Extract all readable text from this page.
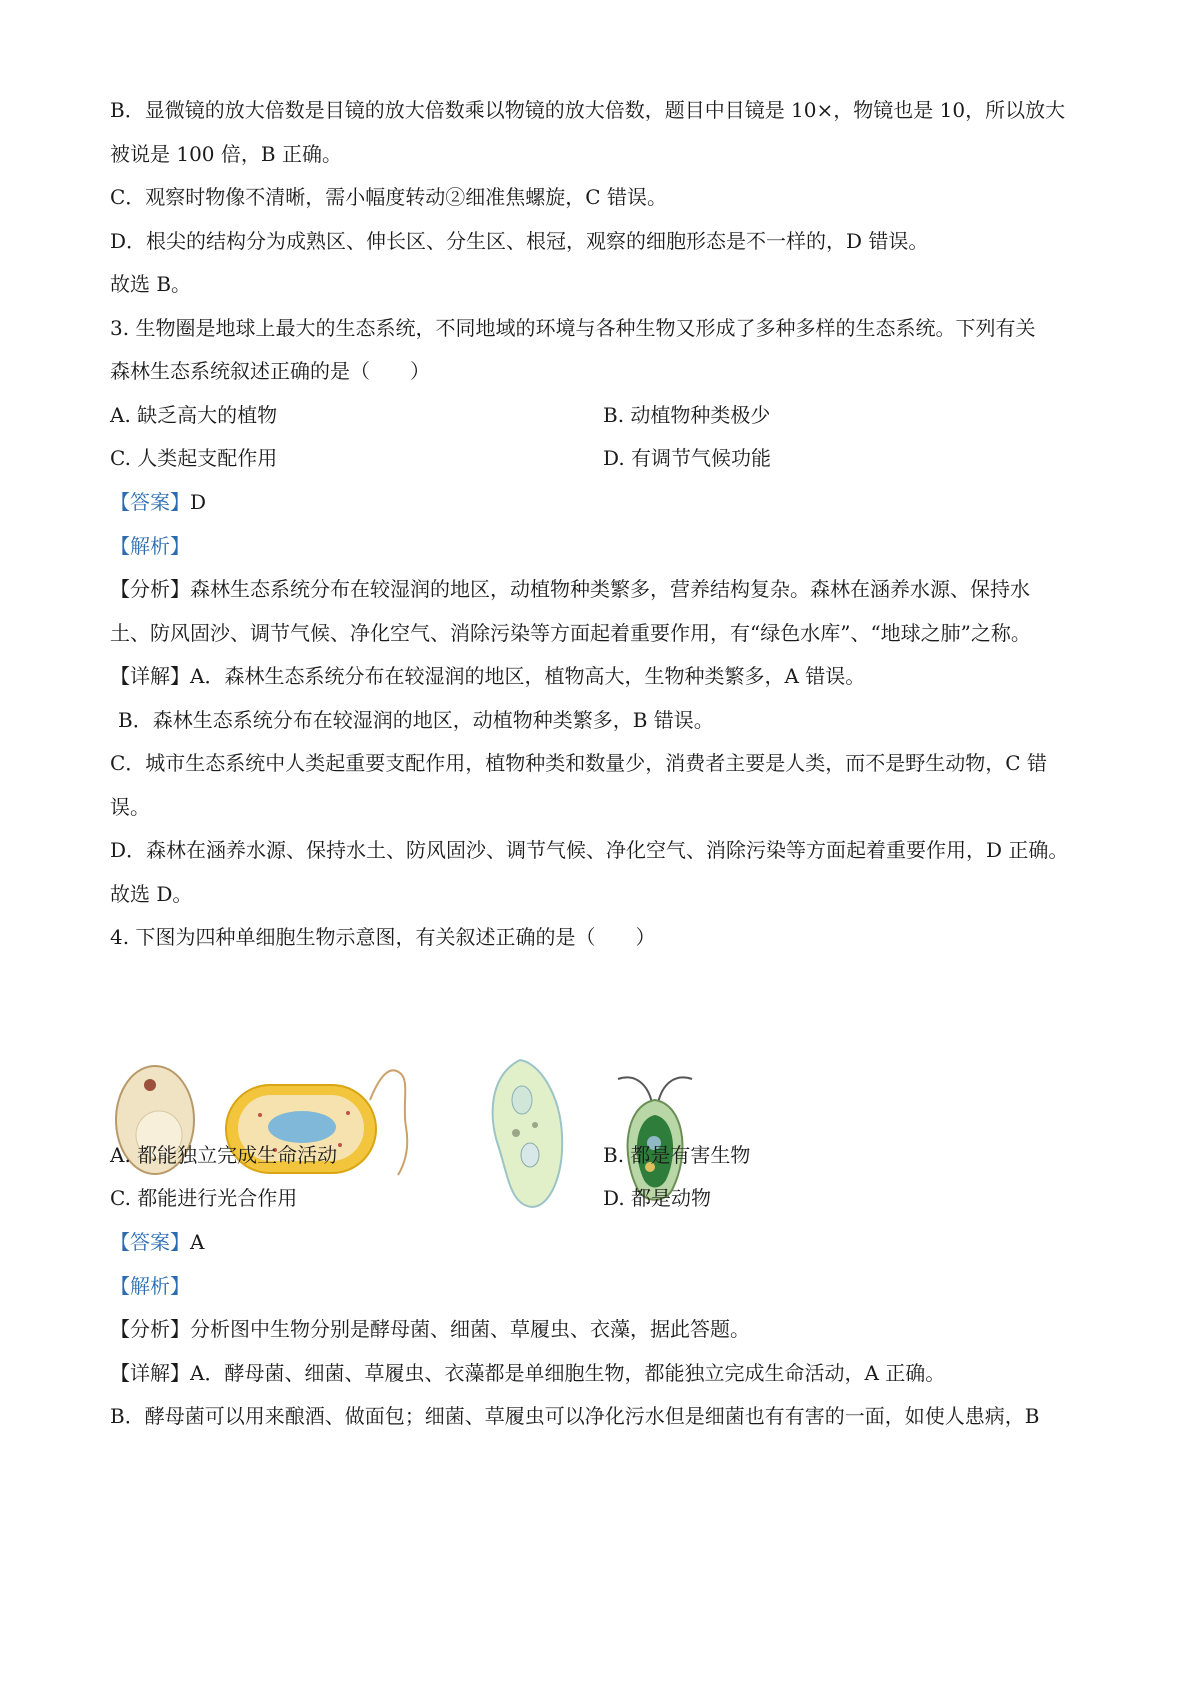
B．显微镜的放大倍数是目镜的放大倍数乘以物镜的放大倍数，题目中目镜是 10×，物镜也是 10，所以放大
被说是 100 倍，B 正确。
C．观察时物像不清晰，需小幅度转动②细准焦螺旋，C 错误。
D．根尖的结构分为成熟区、伸长区、分生区、根冠，观察的细胞形态是不一样的，D 错误。
故选 B。
3. 生物圈是地球上最大的生态系统，不同地域的环境与各种生物又形成了多种多样的生态系统。下列有关
森林生态系统叙述正确的是（　　）
A. 缺乏高大的植物	B. 动植物种类极少
C. 人类起支配作用	D. 有调节气候功能
【答案】D
【解析】
【分析】森林生态系统分布在较湿润的地区，动植物种类繁多，营养结构复杂。森林在涵养水源、保持水
土、防风固沙、调节气候、净化空气、消除污染等方面起着重要作用，有“绿色水库”、“地球之肺”之称。
【详解】A．森林生态系统分布在较湿润的地区，植物高大，生物种类繁多，A 错误。
B．森林生态系统分布在较湿润的地区，动植物种类繁多，B 错误。
C．城市生态系统中人类起重要支配作用，植物种类和数量少，消费者主要是人类，而不是野生动物，C 错
误。
D．森林在涵养水源、保持水土、防风固沙、调节气候、净化空气、消除污染等方面起着重要作用，D 正确。
故选 D。
4. 下图为四种单细胞生物示意图，有关叙述正确的是（　　）
A. 都能独立完成生命活动	B. 都是有害生物
C. 都能进行光合作用	D. 都是动物
【答案】A
【解析】
【分析】分析图中生物分别是酵母菌、细菌、草履虫、衣藻，据此答题。
【详解】A．酵母菌、细菌、草履虫、衣藻都是单细胞生物，都能独立完成生命活动，A 正确。
B．酵母菌可以用来酿酒、做面包；细菌、草履虫可以净化污水但是细菌也有有害的一面，如使人患病，B
